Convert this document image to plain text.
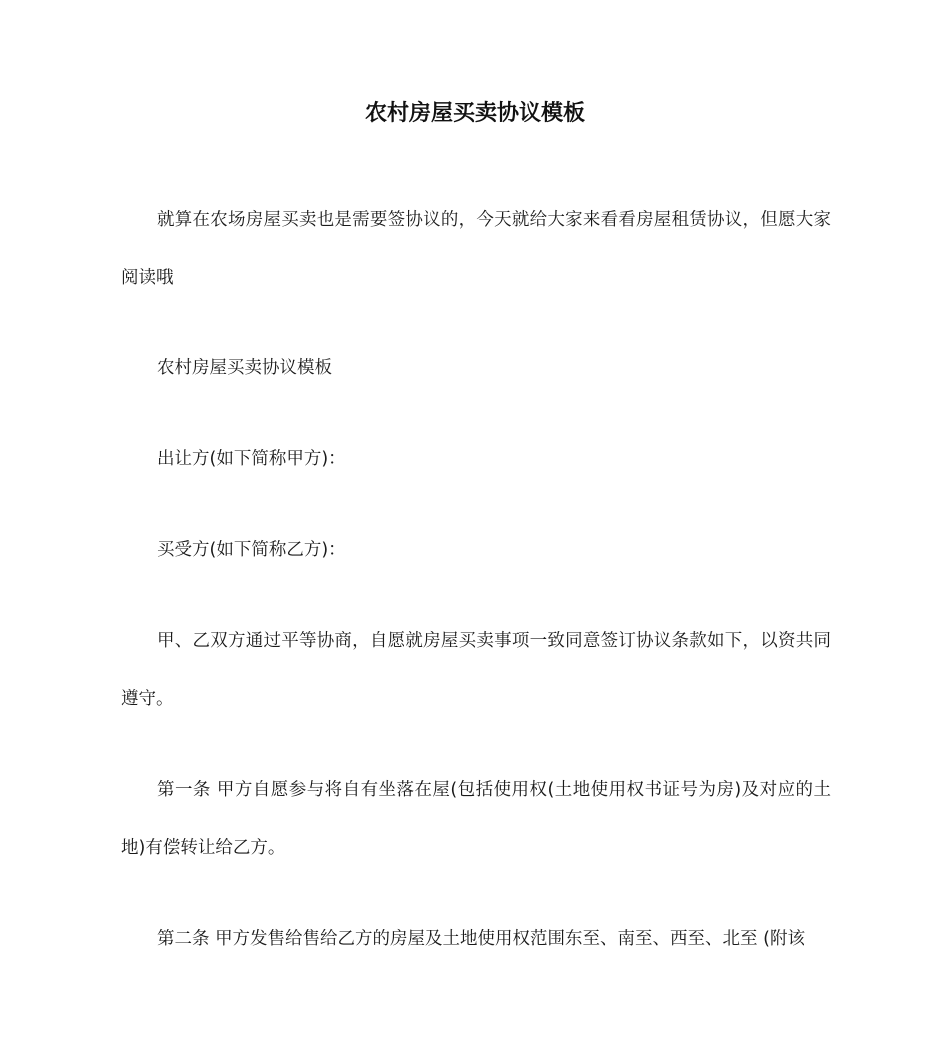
农村房屋买卖协议模板

就算在农场房屋买卖也是需要签协议的，今天就给大家来看看房屋租赁协议，但愿大家阅读哦

农村房屋买卖协议模板

出让方(如下简称甲方)：

买受方(如下简称乙方)：

甲、乙双方通过平等协商，自愿就房屋买卖事项一致同意签订协议条款如下，以资共同遵守。

第一条 甲方自愿参与将自有坐落在屋(包括使用权(土地使用权书证号为房)及对应的土地)有偿转让给乙方。

第二条 甲方发售给售给乙方的房屋及土地使用权范围东至、南至、西至、北至 (附该
